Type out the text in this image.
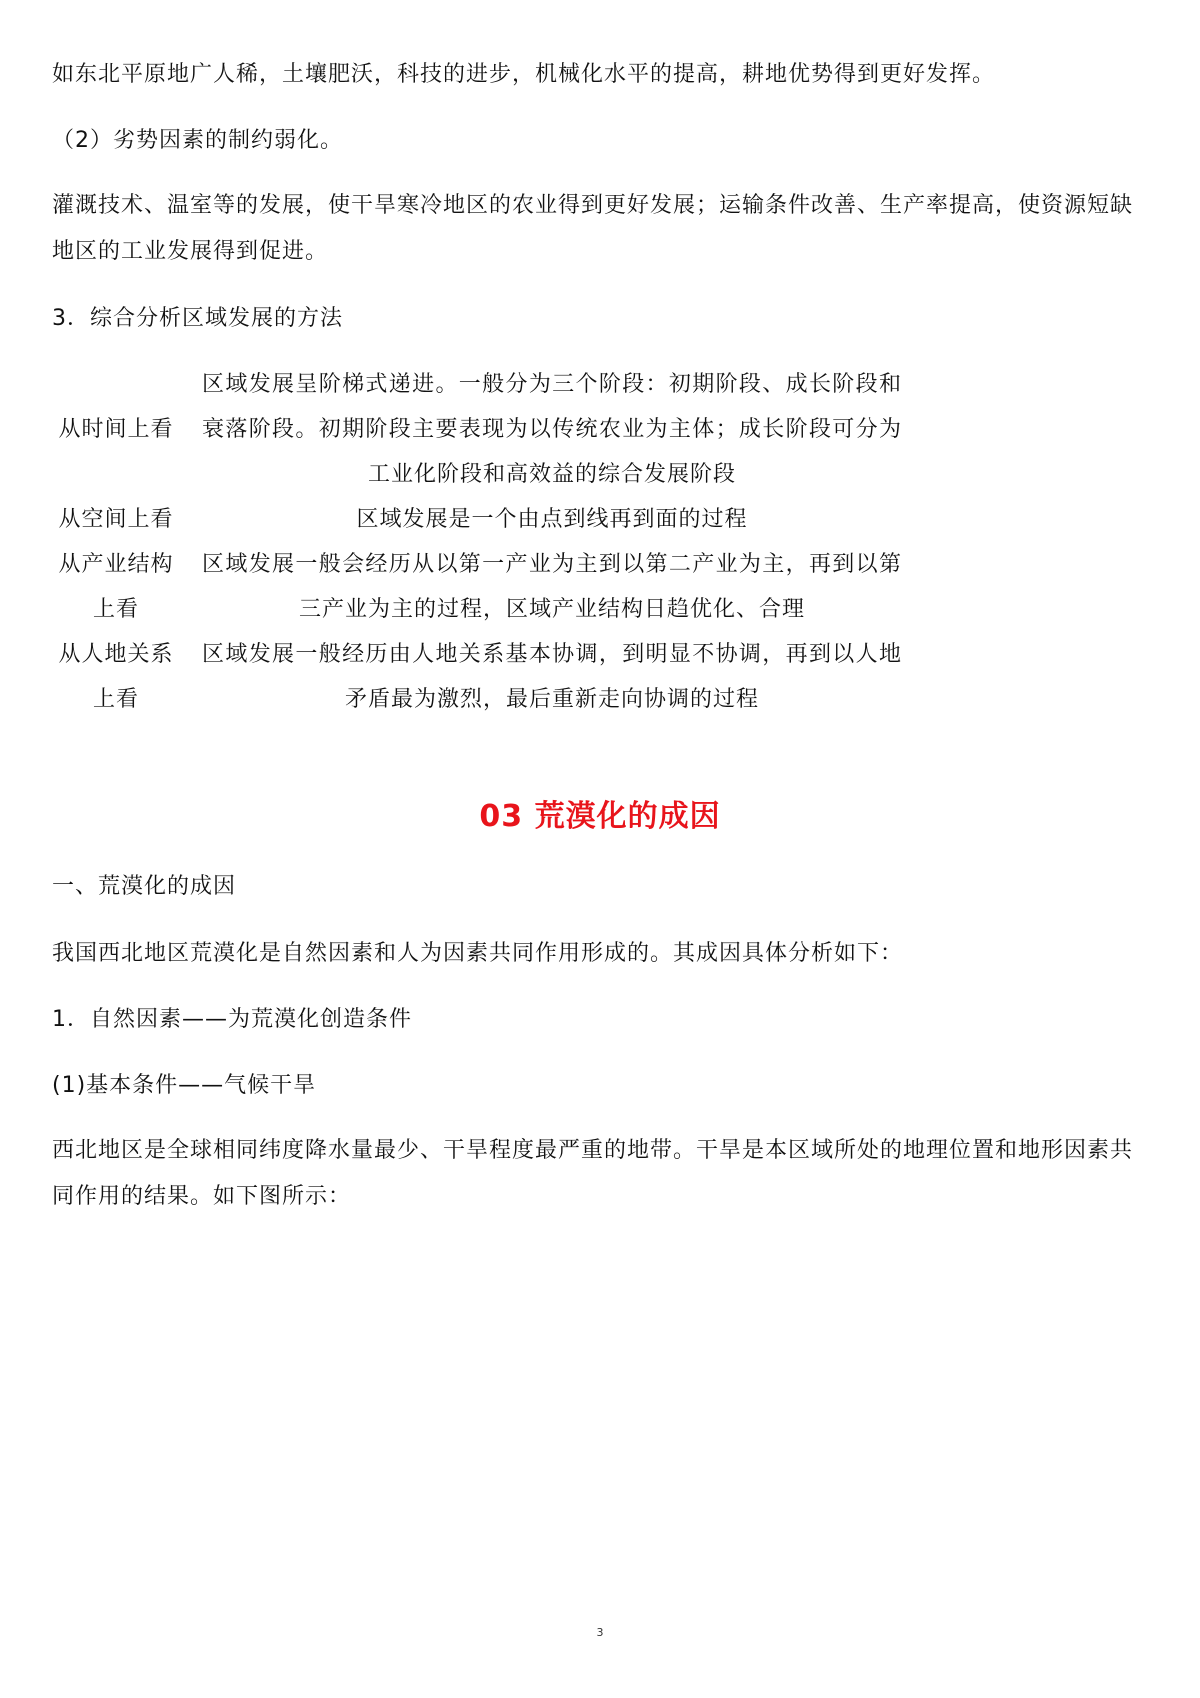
如东北平原地广人稀，土壤肥沃，科技的进步，机械化水平的提高，耕地优势得到更好发挥。

（2）劣势因素的制约弱化。

灌溉技术、温室等的发展，使干旱寒冷地区的农业得到更好发展；运输条件改善、生产率提高，使资源短缺地区的工业发展得到促进。

3．综合分析区域发展的方法

从时间上看	区域发展呈阶梯式递进。一般分为三个阶段：初期阶段、成长阶段和衰落阶段。初期阶段主要表现为以传统农业为主体；成长阶段可分为工业化阶段和高效益的综合发展阶段
从空间上看	区域发展是一个由点到线再到面的过程
从产业结构上看	区域发展一般会经历从以第一产业为主到以第二产业为主，再到以第三产业为主的过程，区域产业结构日趋优化、合理
从人地关系上看	区域发展一般经历由人地关系基本协调，到明显不协调，再到以人地矛盾最为激烈，最后重新走向协调的过程
03 荒漠化的成因

一、荒漠化的成因

我国西北地区荒漠化是自然因素和人为因素共同作用形成的。其成因具体分析如下：

1．自然因素——为荒漠化创造条件

(1)基本条件——气候干旱

西北地区是全球相同纬度降水量最少、干旱程度最严重的地带。干旱是本区域所处的地理位置和地形因素共同作用的结果。如下图所示：

3
